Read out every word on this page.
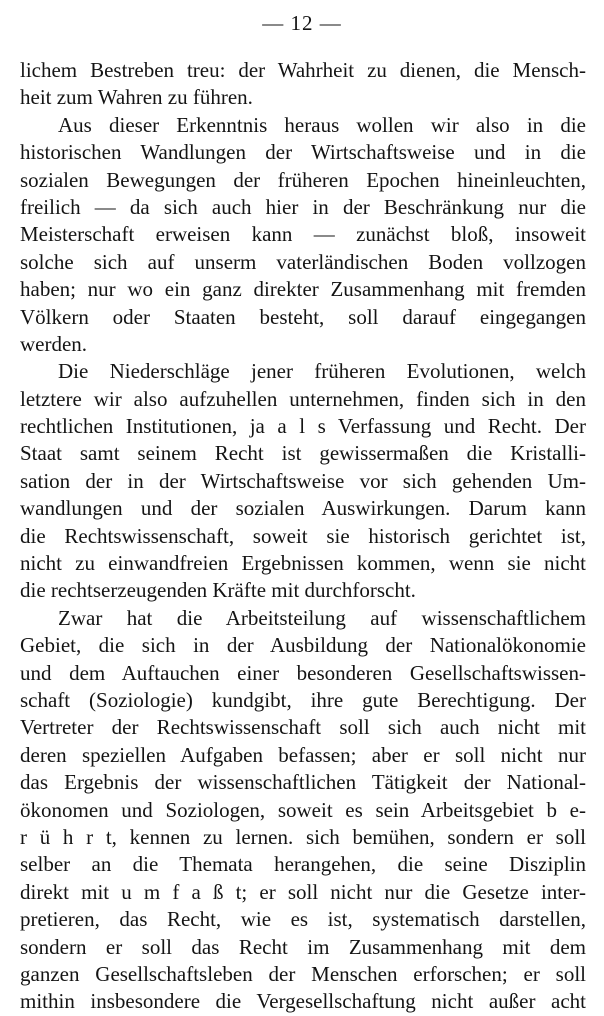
— 12 —
lichem Bestreben treu: der Wahrheit zu dienen, die Mensch-
heit zum Wahren zu führen.
Aus dieser Erkenntnis heraus wollen wir also in die
historischen Wandlungen der Wirtschaftsweise und in die
sozialen Bewegungen der früheren Epochen hineinleuchten,
freilich — da sich auch hier in der Beschränkung nur die
Meisterschaft erweisen kann — zunächst bloß, insoweit
solche sich auf unserm vaterländischen Boden vollzogen
haben; nur wo ein ganz direkter Zusammenhang mit fremden
Völkern oder Staaten besteht, soll darauf eingegangen
werden.
Die Niederschläge jener früheren Evolutionen, welch
letztere wir also aufzuhellen unternehmen, finden sich in den
rechtlichen Institutionen, ja a l s Verfassung und Recht. Der
Staat samt seinem Recht ist gewissermaßen die Kristalli-
sation der in der Wirtschaftsweise vor sich gehenden Um-
wandlungen und der sozialen Auswirkungen. Darum kann
die Rechtswissenschaft, soweit sie historisch gerichtet ist,
nicht zu einwandfreien Ergebnissen kommen, wenn sie nicht
die rechtserzeugenden Kräfte mit durchforscht.
Zwar hat die Arbeitsteilung auf wissenschaftlichem
Gebiet, die sich in der Ausbildung der Nationalökonomie
und dem Auftauchen einer besonderen Gesellschaftswissen-
schaft (Soziologie) kundgibt, ihre gute Berechtigung. Der
Vertreter der Rechtswissenschaft soll sich auch nicht mit
deren speziellen Aufgaben befassen; aber er soll nicht nur
das Ergebnis der wissenschaftlichen Tätigkeit der National-
ökonomen und Soziologen, soweit es sein Arbeitsgebiet b e-
r ü h r t, kennen zu lernen. sich bemühen, sondern er soll
selber an die Themata herangehen, die seine Disziplin
direkt mit u m f a ß t; er soll nicht nur die Gesetze inter-
pretieren, das Recht, wie es ist, systematisch darstellen,
sondern er soll das Recht im Zusammenhang mit dem
ganzen Gesellschaftsleben der Menschen erforschen; er soll
mithin insbesondere die Vergesellschaftung nicht außer acht
